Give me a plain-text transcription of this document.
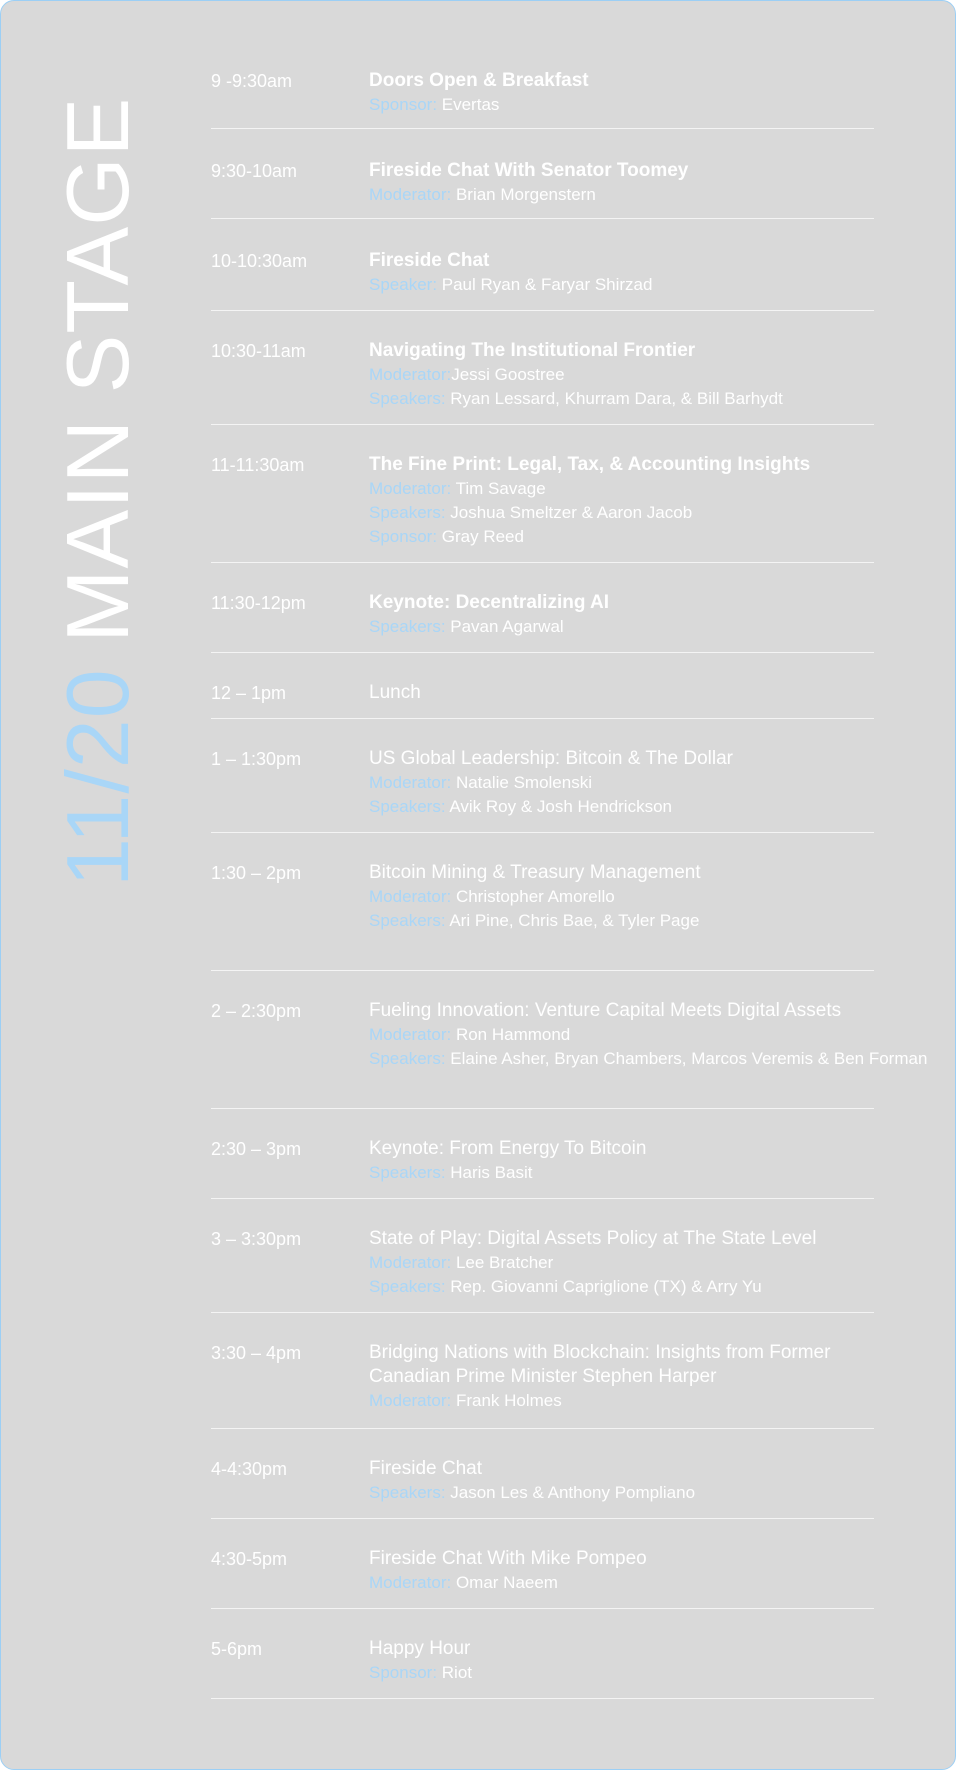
11/20 MAIN STAGE
9 -9:30am	Doors Open & Breakfast
Sponsor: Evertas
9:30-10am	Fireside Chat With Senator Toomey
Moderator: Brian Morgenstern
10-10:30am	Fireside Chat
Speaker: Paul Ryan & Faryar Shirzad
10:30-11am	Navigating The Institutional Frontier
Moderator:Jessi Goostree
Speakers: Ryan Lessard, Khurram Dara, & Bill Barhydt
11-11:30am	The Fine Print: Legal, Tax, & Accounting Insights
Moderator: Tim Savage
Speakers: Joshua Smeltzer & Aaron Jacob
Sponsor: Gray Reed
11:30-12pm	Keynote: Decentralizing AI
Speakers: Pavan Agarwal
12 – 1pm	Lunch
1 – 1:30pm	US Global Leadership: Bitcoin & The Dollar
Moderator: Natalie Smolenski
Speakers: Avik Roy & Josh Hendrickson
1:30 – 2pm	Bitcoin Mining & Treasury Management
Moderator: Christopher Amorello
Speakers: Ari Pine, Chris Bae, & Tyler Page
2 – 2:30pm	Fueling Innovation: Venture Capital Meets Digital Assets
Moderator: Ron Hammond
Speakers: Elaine Asher, Bryan Chambers, Marcos Veremis & Ben Forman
2:30 – 3pm	Keynote: From Energy To Bitcoin
Speakers: Haris Basit
3 – 3:30pm	State of Play: Digital Assets Policy at The State Level
Moderator: Lee Bratcher
Speakers: Rep. Giovanni Capriglione (TX) & Arry Yu
3:30 – 4pm	Bridging Nations with Blockchain: Insights from Former Canadian Prime Minister Stephen Harper
Moderator: Frank Holmes
4-4:30pm	Fireside Chat
Speakers: Jason Les & Anthony Pompliano
4:30-5pm	Fireside Chat With Mike Pompeo
Moderator: Omar Naeem
5-6pm	Happy Hour
Sponsor: Riot
